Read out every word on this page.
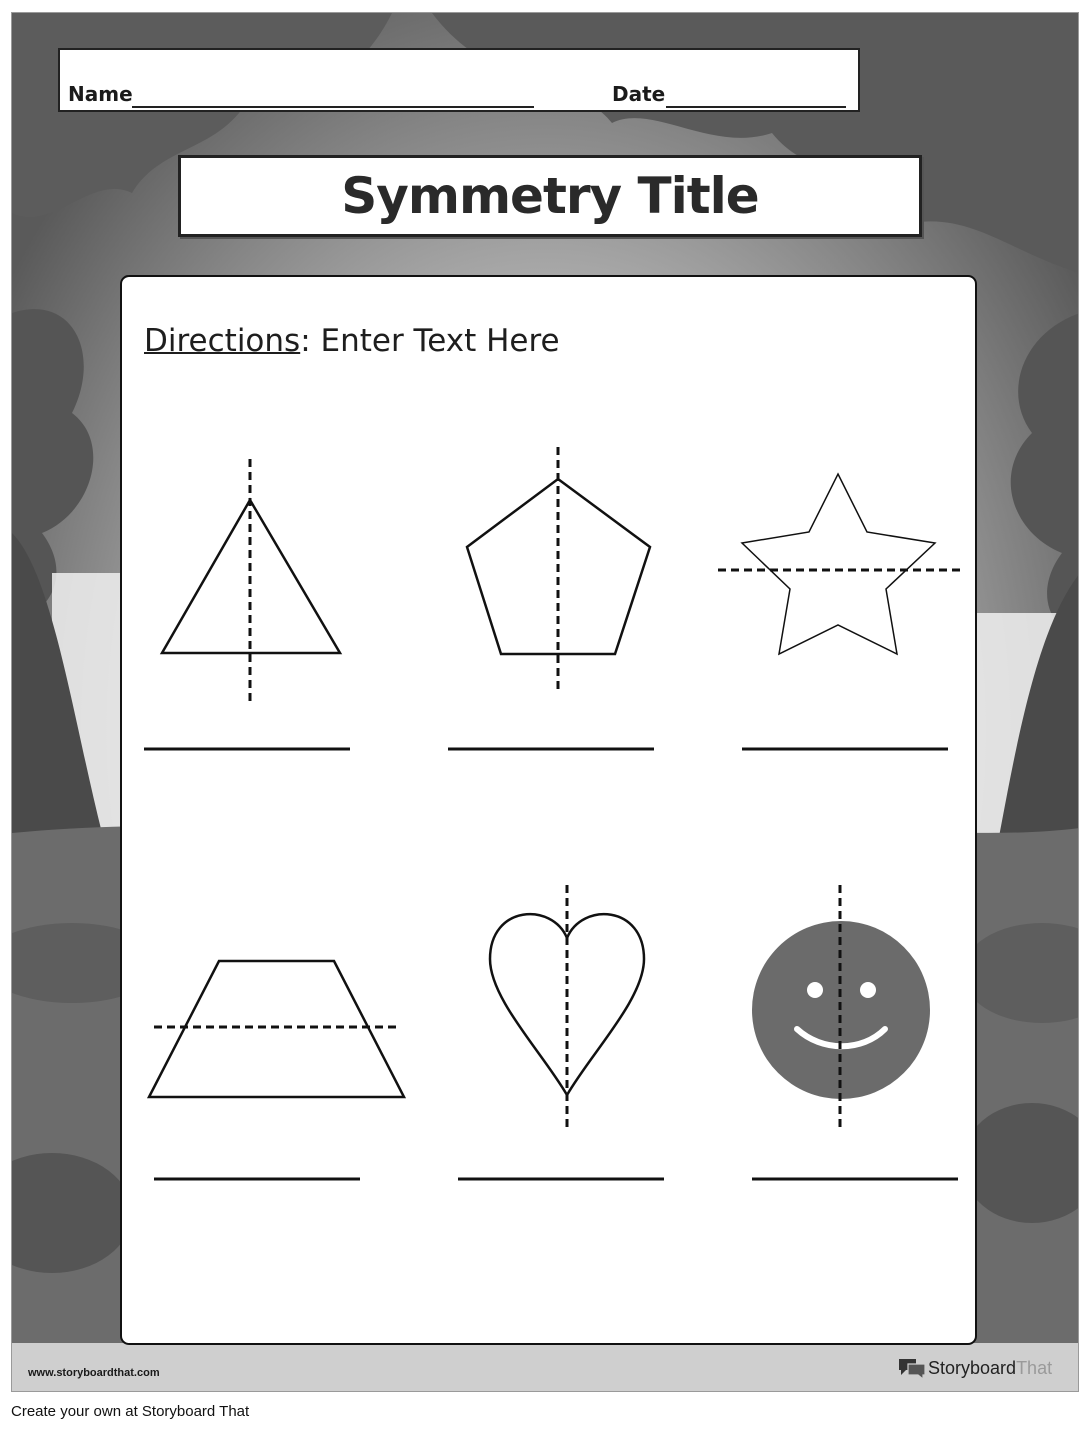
Name	Date
Symmetry Title
Directions: Enter Text Here
www.storyboardthat.com	Storyboard That
Create your own at Storyboard That
